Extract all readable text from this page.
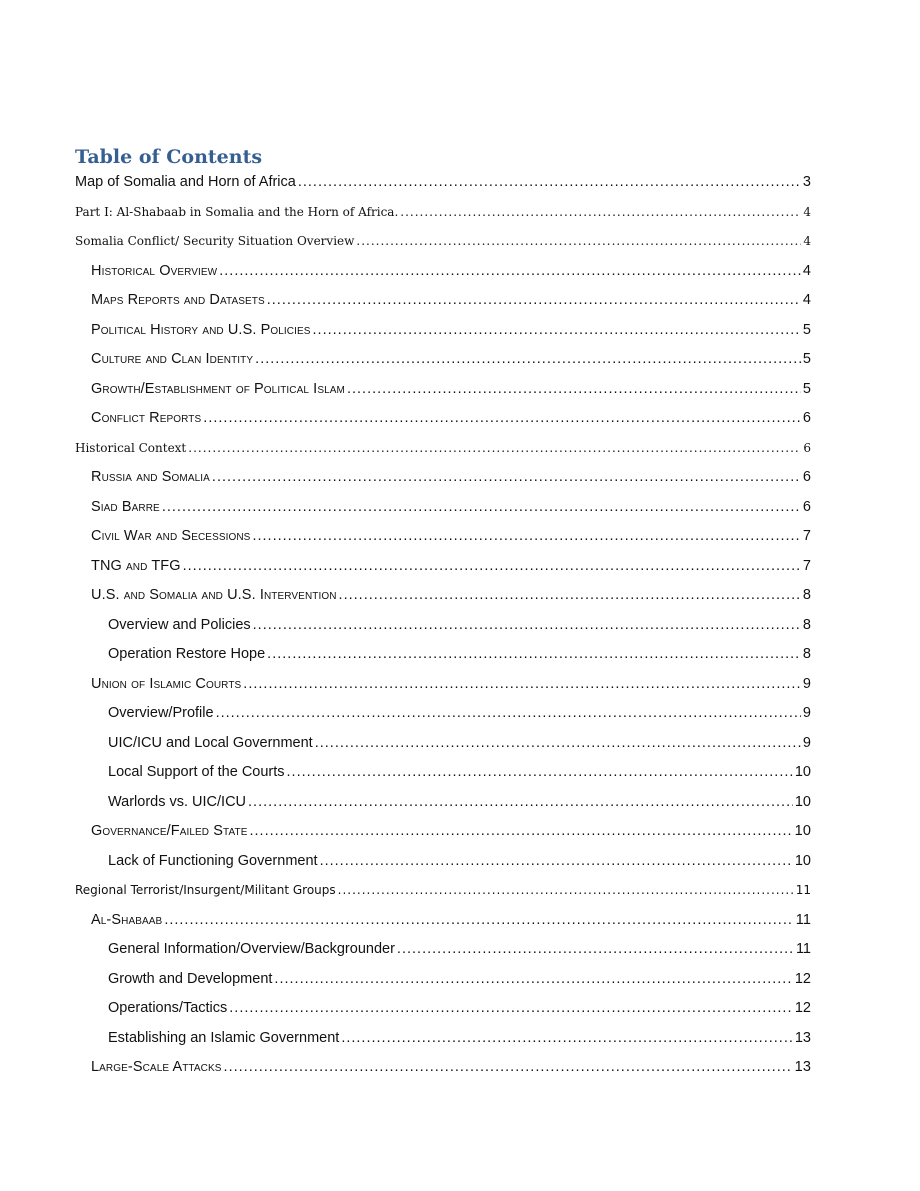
Table of Contents
Map of Somalia and Horn of Africa .....	3
Part I: Al-Shabaab in Somalia and the Horn of Africa. .....	4
Somalia Conflict/ Security Situation Overview .....	4
Historical Overview .....	4
Maps Reports and Datasets .....	4
Political History and U.S. Policies .....	5
Culture and Clan Identity .....	5
Growth/Establishment of Political Islam .....	5
Conflict Reports .....	6
Historical Context .....	6
Russia and Somalia .....	6
Siad Barre .....	6
Civil War and Secessions .....	7
TNG and TFG .....	7
U.S. and Somalia and U.S. Intervention .....	8
Overview and Policies .....	8
Operation Restore Hope .....	8
Union of Islamic Courts .....	9
Overview/Profile .....	9
UIC/ICU and Local Government .....	9
Local Support of the Courts .....	10
Warlords vs. UIC/ICU .....	10
Governance/Failed State .....	10
Lack of Functioning Government .....	10
Regional Terrorist/Insurgent/Militant Groups .....	11
Al-Shabaab .....	11
General Information/Overview/Backgrounder .....	11
Growth and Development .....	12
Operations/Tactics .....	12
Establishing an Islamic Government .....	13
Large-Scale Attacks .....	13
